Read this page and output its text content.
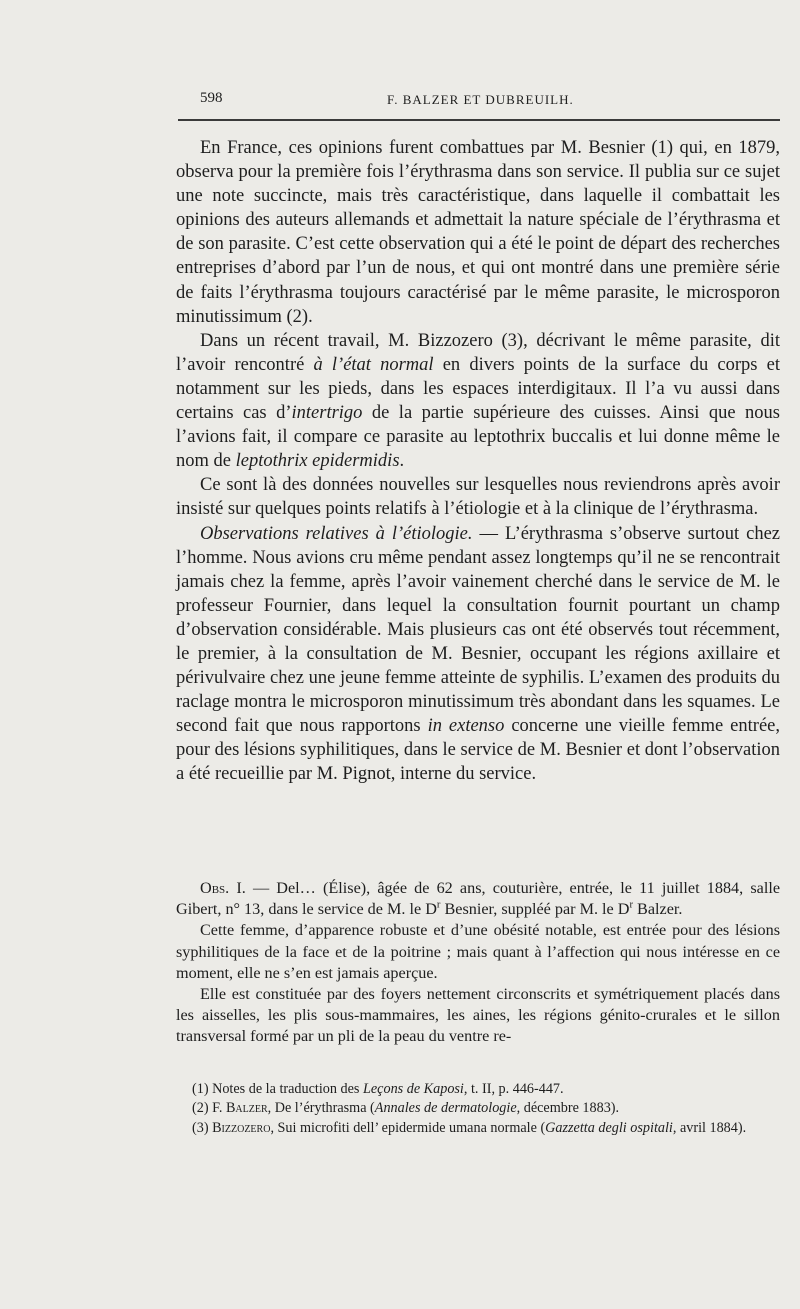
598	F. BALZER ET DUBREUILH.

En France, ces opinions furent combattues par M. Besnier (1) qui, en 1879, observa pour la première fois l’érythrasma dans son service. Il publia sur ce sujet une note succincte, mais très caractéristique, dans laquelle il combattait les opinions des auteurs allemands et admettait la nature spéciale de l’érythrasma et de son parasite. C’est cette observation qui a été le point de départ des recherches entreprises d’abord par l’un de nous, et qui ont montré dans une première série de faits l’érythrasma toujours caractérisé par le même parasite, le microsporon minutissimum (2).

Dans un récent travail, M. Bizzozero (3), décrivant le même parasite, dit l’avoir rencontré à l’état normal en divers points de la surface du corps et notamment sur les pieds, dans les espaces interdigitaux. Il l’a vu aussi dans certains cas d’intertrigo de la partie supérieure des cuisses. Ainsi que nous l’avions fait, il compare ce parasite au leptothrix buccalis et lui donne même le nom de leptothrix epidermidis.

Ce sont là des données nouvelles sur lesquelles nous reviendrons après avoir insisté sur quelques points relatifs à l’étiologie et à la clinique de l’érythrasma.

Observations relatives à l’étiologie. — L’érythrasma s’observe surtout chez l’homme. Nous avions cru même pendant assez longtemps qu’il ne se rencontrait jamais chez la femme, après l’avoir vainement cherché dans le service de M. le professeur Fournier, dans lequel la consultation fournit pourtant un champ d’observation considérable. Mais plusieurs cas ont été observés tout récemment, le premier, à la consultation de M. Besnier, occupant les régions axillaire et périvulvaire chez une jeune femme atteinte de syphilis. L’examen des produits du raclage montra le microsporon minutissimum très abondant dans les squames. Le second fait que nous rapportons in extenso concerne une vieille femme entrée, pour des lésions syphilitiques, dans le service de M. Besnier et dont l’observation a été recueillie par M. Pignot, interne du service.

Obs. I. — Del… (Élise), âgée de 62 ans, couturière, entrée, le 11 juillet 1884, salle Gibert, n° 13, dans le service de M. le $D^r$ Besnier, suppléé par M. le $D^r$ Balzer.

Cette femme, d’apparence robuste et d’une obésité notable, est entrée pour des lésions syphilitiques de la face et de la poitrine ; mais quant à l’affection qui nous intéresse en ce moment, elle ne s’en est jamais aperçue.

Elle est constituée par des foyers nettement circonscrits et symétriquement placés dans les aisselles, les plis sous-mammaires, les aines, les régions génito-crurales et le sillon transversal formé par un pli de la peau du ventre re-

(1) Notes de la traduction des Leçons de Kaposi, t. II, p. 446-447.

(2) F. Balzer, De l’érythrasma (Annales de dermatologie, décembre 1883).

(3) Bizzozero, Sui microfiti dell’ epidermide umana normale (Gazzetta degli ospitali, avril 1884).
